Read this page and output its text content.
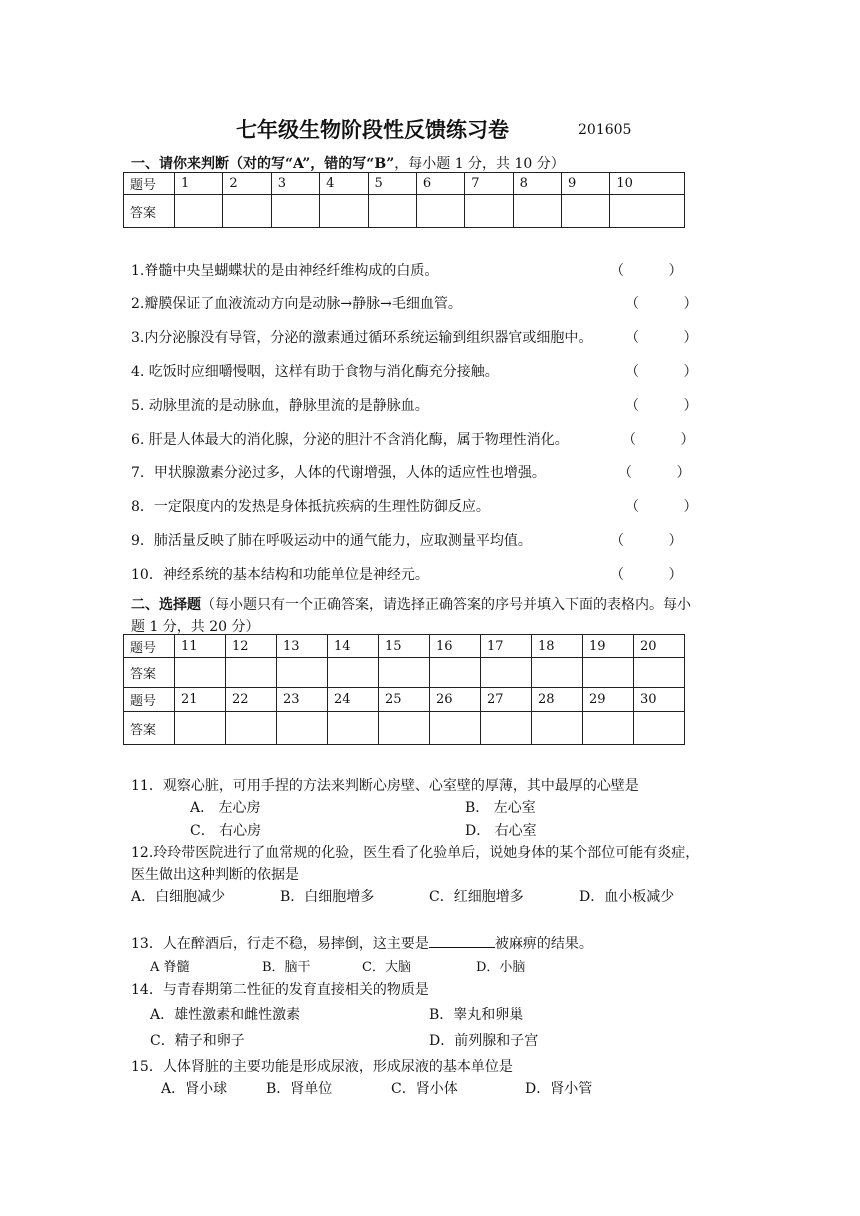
七年级生物阶段性反馈练习卷	201605
一、请你来判断（对的写“A”，错的写“B”，每小题 1 分，共 10 分）
题号	1	2	3	4	5	6	7	8	9	10
答案										
1.脊髓中央呈蝴蝶状的是由神经纤维构成的白质。	（          ）
2.瓣膜保证了血液流动方向是动脉→静脉→毛细血管。	（          ）
3.内分泌腺没有导管，分泌的激素通过循环系统运输到组织器官或细胞中。 （          ）
4. 吃饭时应细嚼慢咽，这样有助于食物与消化酶充分接触。	（          ）
5. 动脉里流的是动脉血，静脉里流的是静脉血。	（          ）
6. 肝是人体最大的消化腺，分泌的胆汁不含消化酶，属于物理性消化。	（          ）
7．甲状腺激素分泌过多，人体的代谢增强，人体的适应性也增强。	（          ）
8．一定限度内的发热是身体抵抗疾病的生理性防御反应。	（          ）
9．肺活量反映了肺在呼吸运动中的通气能力，应取测量平均值。	（          ）
10．神经系统的基本结构和功能单位是神经元。	（          ）
二、选择题（每小题只有一个正确答案，请选择正确答案的序号并填入下面的表格内。每小
题 1 分，共 20 分）
题号	11	12	13	14	15	16	17	18	19	20
答案										
题号	21	22	23	24	25	26	27	28	29	30
答案										
11．观察心脏，可用手捏的方法来判断心房壁、心室壁的厚薄，其中最厚的心壁是
A． 左心房	B． 左心室
C． 右心房	D． 右心室
12.玲玲带医院进行了血常规的化验，医生看了化验单后，说她身体的某个部位可能有炎症，
医生做出这种判断的依据是
A．白细胞减少	B．白细胞增多	C．红细胞增多	D．血小板减少
13．人在醉酒后，行走不稳，易摔倒，这主要是	被麻痹的结果。
A 脊髓	B．脑干	C．大脑	D．小脑
14．与青春期第二性征的发育直接相关的物质是
A．雄性激素和雌性激素	B．睾丸和卵巢
C．精子和卵子	D．前列腺和子宫
15．人体肾脏的主要功能是形成尿液，形成尿液的基本单位是
A．肾小球	B．肾单位	C．肾小体	D．肾小管
